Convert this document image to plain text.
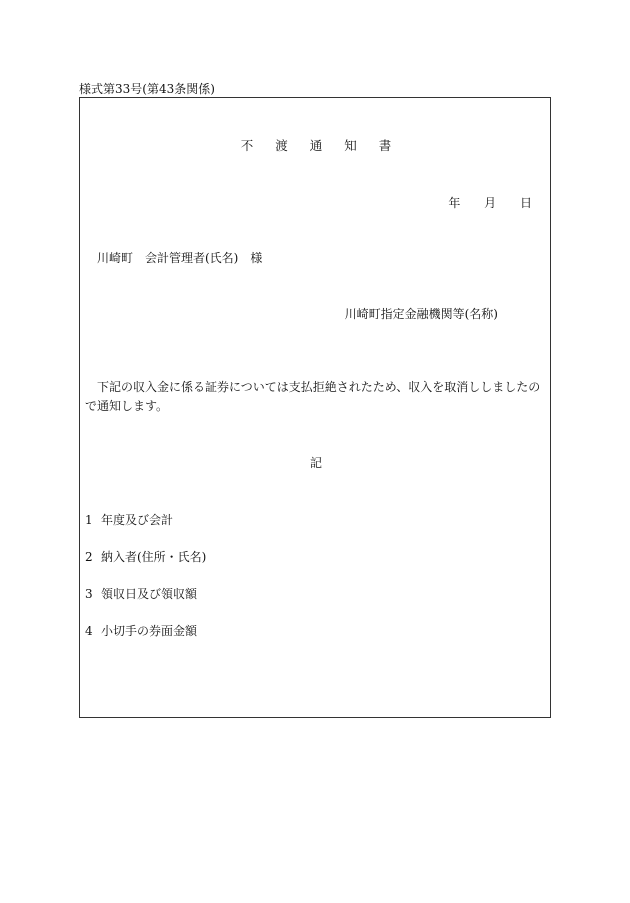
様式第33号(第43条関係)
不渡通知書
年 月 日
川崎町　会計管理者(氏名)　様
川崎町指定金融機関等(名称)
下記の収入金に係る証券については支払拒絶されたため、収入を取消ししましたので通知します。
記
1 年度及び会計
2 納入者(住所・氏名)
3 領収日及び領収額
4 小切手の券面金額
